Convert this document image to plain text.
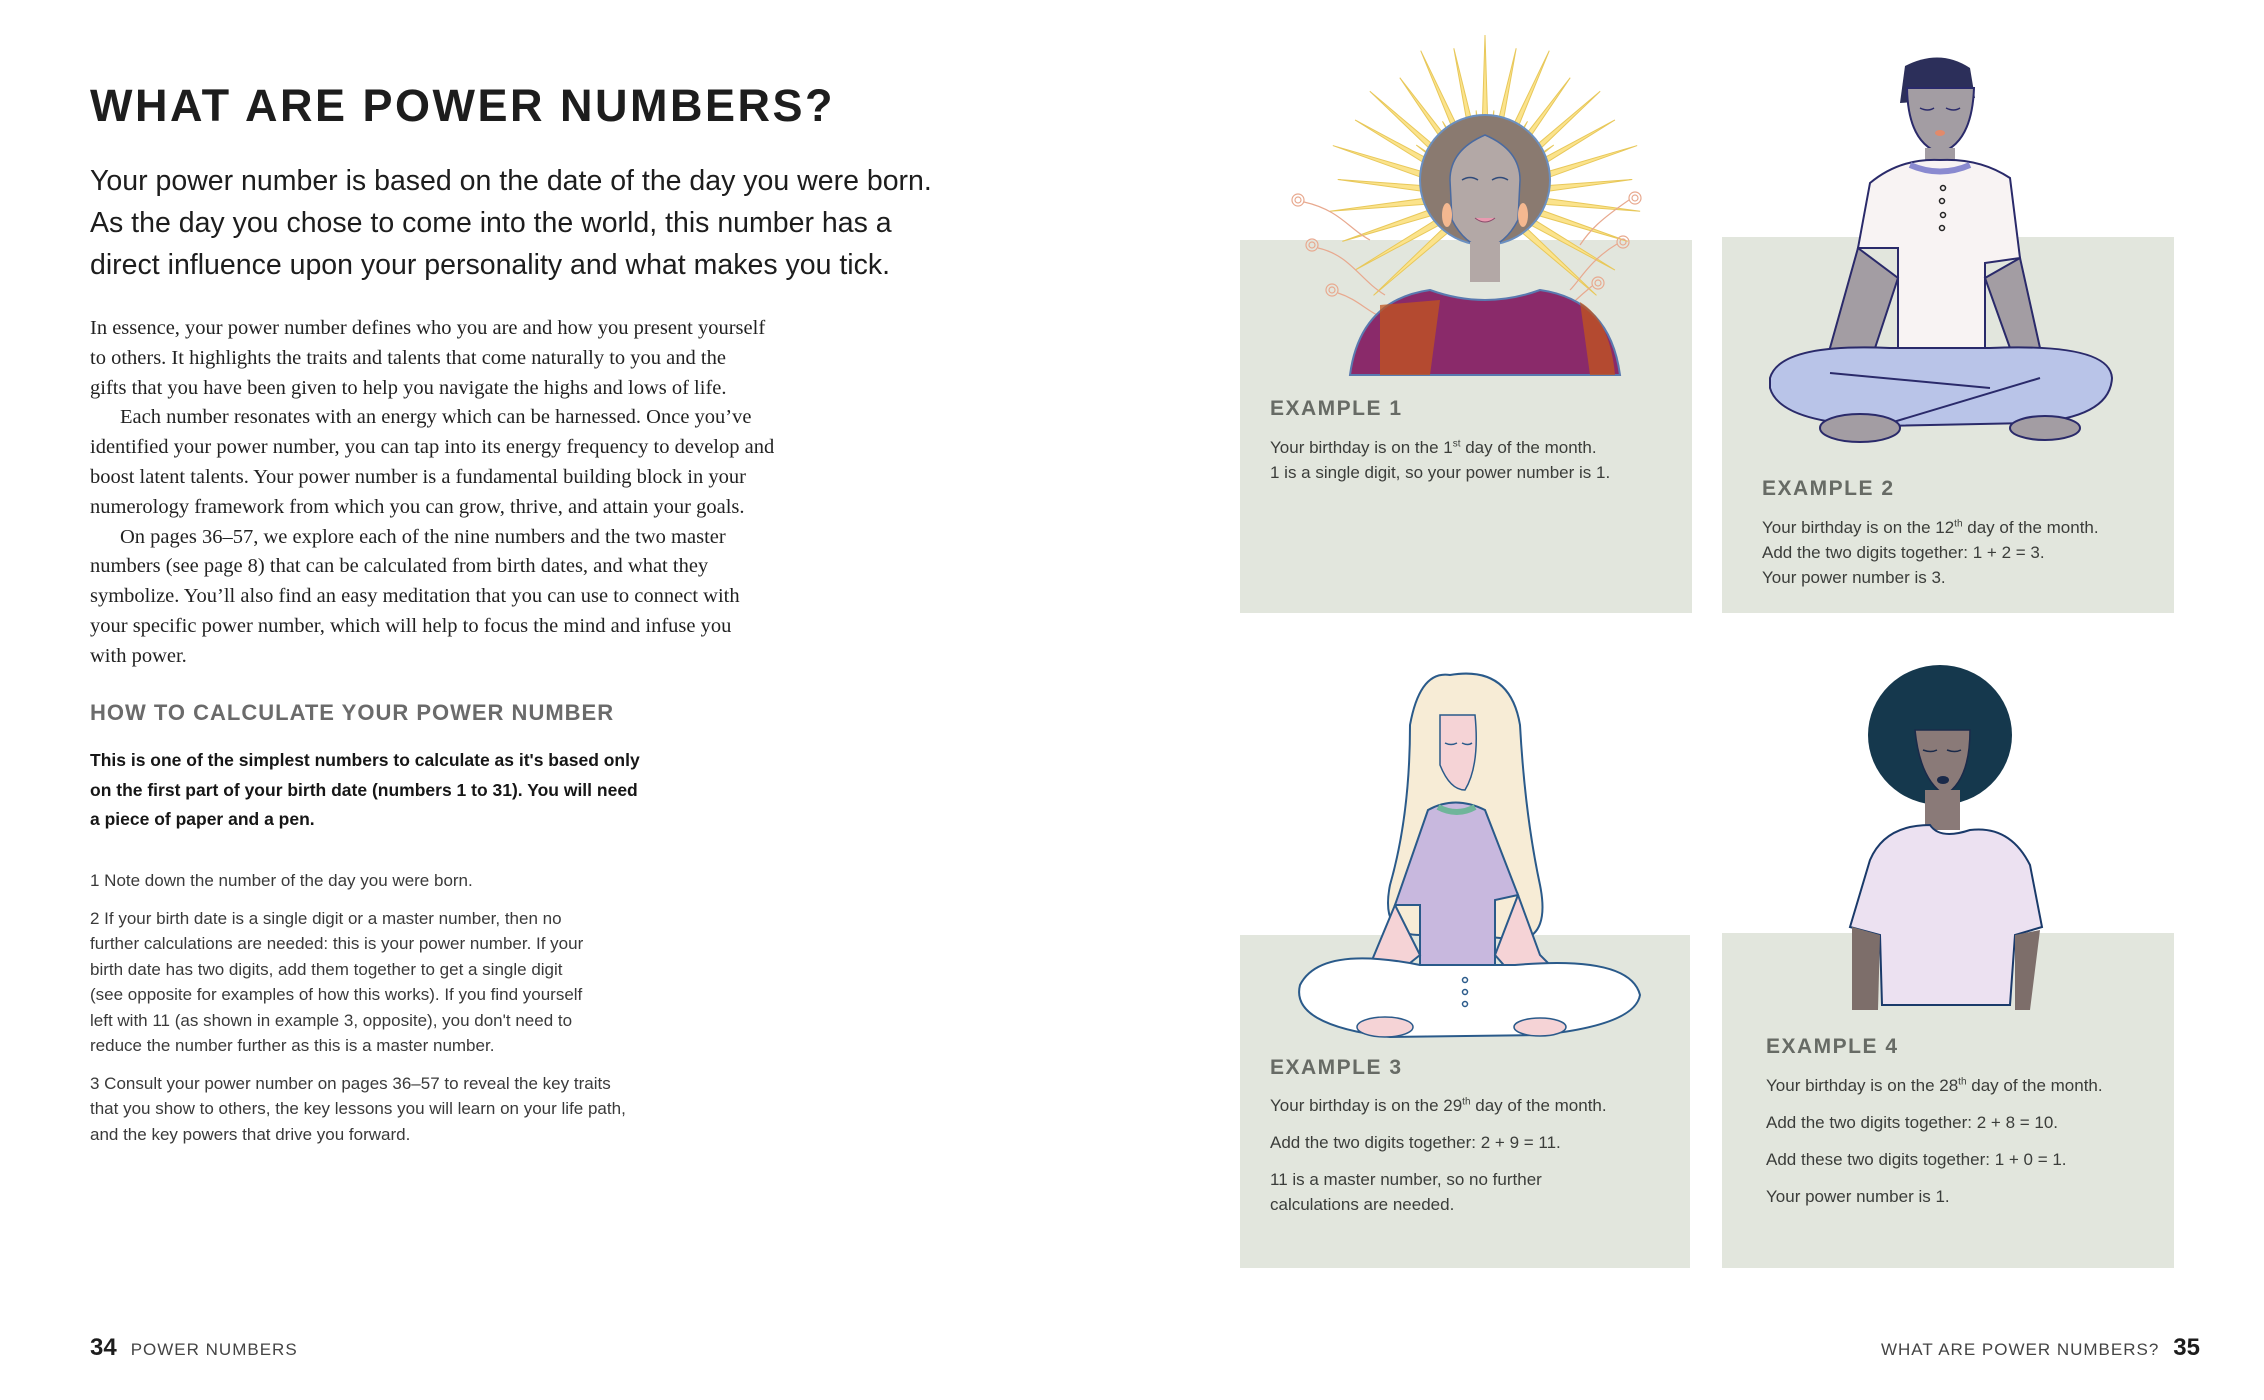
WHAT ARE POWER NUMBERS?
Your power number is based on the date of the day you were born.
As the day you chose to come into the world, this number has a
direct influence upon your personality and what makes you tick.

In essence, your power number defines who you are and how you present yourself
to others. It highlights the traits and talents that come naturally to you and the
gifts that you have been given to help you navigate the highs and lows of life.

Each number resonates with an energy which can be harnessed. Once you’ve
identified your power number, you can tap into its energy frequency to develop and
boost latent talents. Your power number is a fundamental building block in your
numerology framework from which you can grow, thrive, and attain your goals.

On pages 36–57, we explore each of the nine numbers and the two master
numbers (see page 8) that can be calculated from birth dates, and what they
symbolize. You’ll also find an easy meditation that you can use to connect with
your specific power number, which will help to focus the mind and infuse you
with power.

HOW TO CALCULATE YOUR POWER NUMBER
This is one of the simplest numbers to calculate as it's based only
on the first part of your birth date (numbers 1 to 31). You will need
a piece of paper and a pen.
1 Note down the number of the day you were born.
2 If your birth date is a single digit or a master number, then no
further calculations are needed: this is your power number. If your
birth date has two digits, add them together to get a single digit
(see opposite for examples of how this works). If you find yourself
left with 11 (as shown in example 3, opposite), you don't need to
reduce the number further as this is a master number.
3 Consult your power number on pages 36–57 to reveal the key traits
that you show to others, the key lessons you will learn on your life path,
and the key powers that drive you forward.
34 POWER NUMBERS
EXAMPLE 1
Your birthday is on the 1st day of the month.
1 is a single digit, so your power number is 1.
EXAMPLE 2
Your birthday is on the 12th day of the month.
Add the two digits together: 1 + 2 = 3.
Your power number is 3.
EXAMPLE 3
Your birthday is on the 29th day of the month.
Add the two digits together: 2 + 9 = 11.
11 is a master number, so no further
calculations are needed.
EXAMPLE 4
Your birthday is on the 28th day of the month.
Add the two digits together: 2 + 8 = 10.
Add these two digits together: 1 + 0 = 1.
Your power number is 1.
WHAT ARE POWER NUMBERS? 35
